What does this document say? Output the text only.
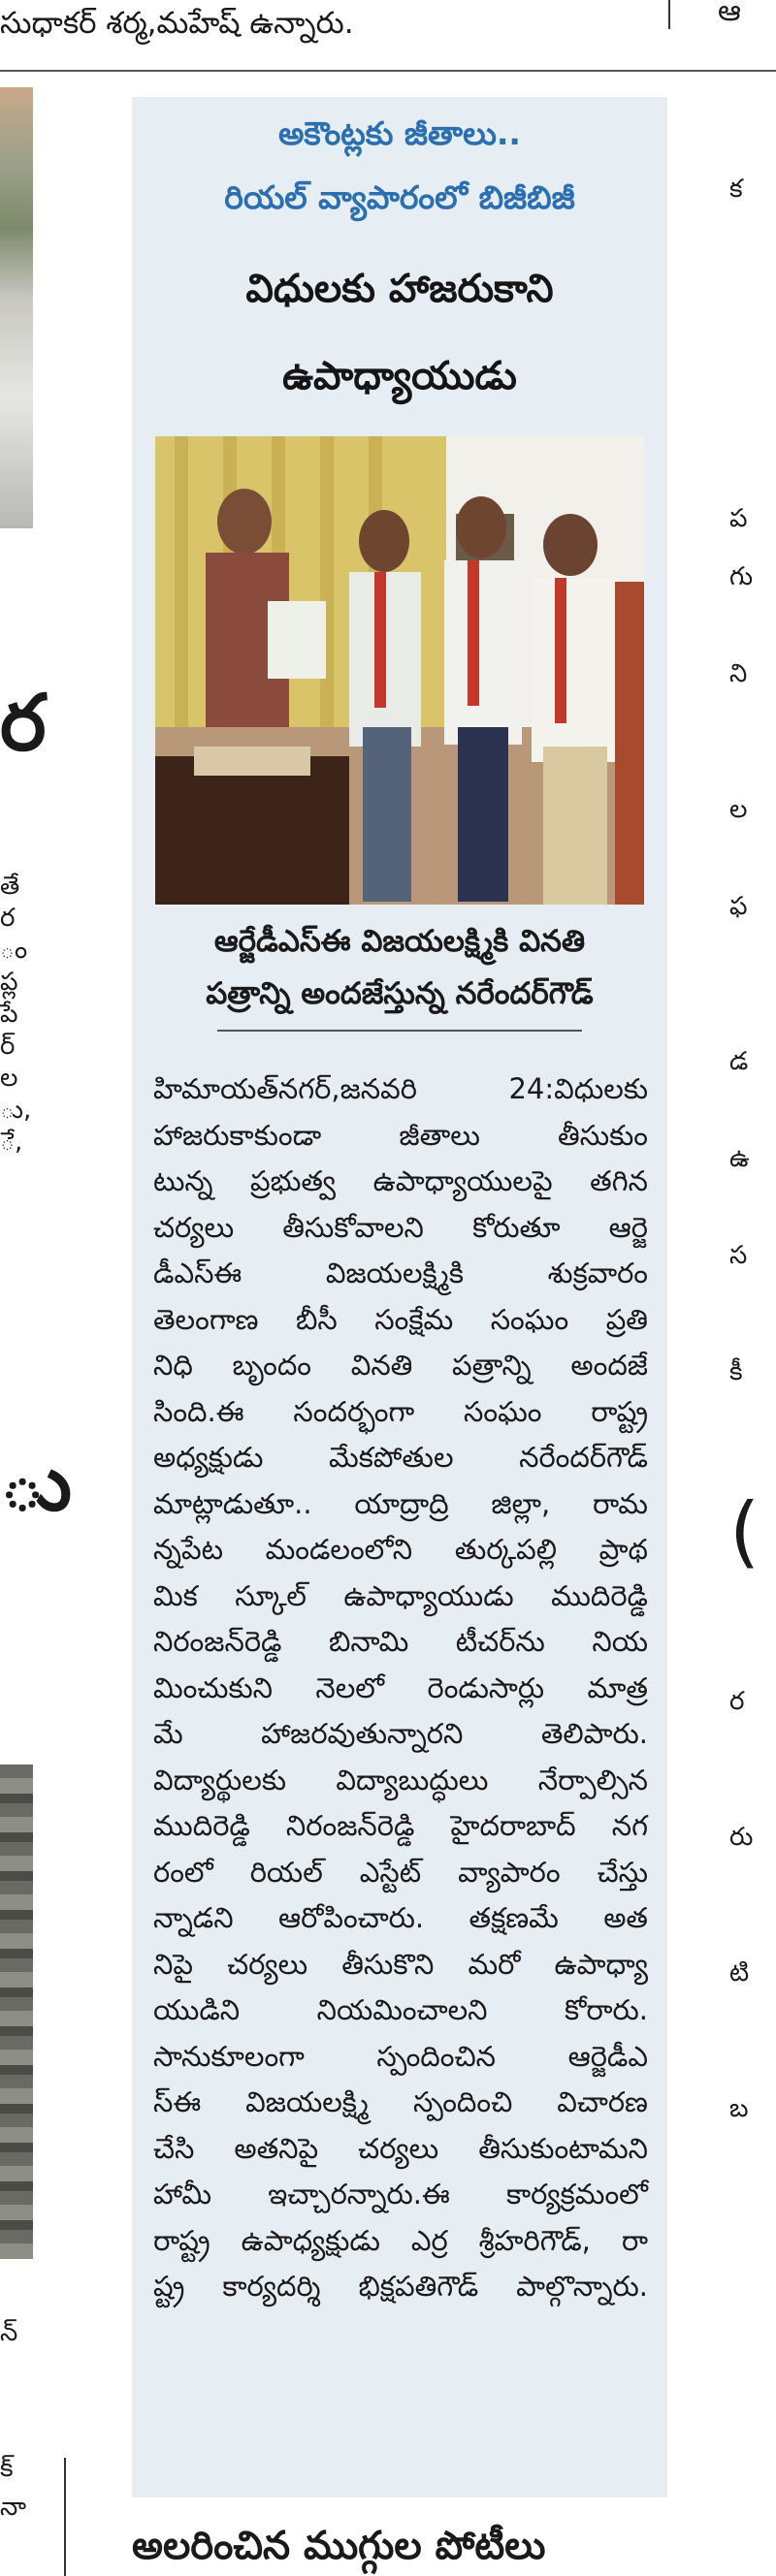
సుధాకర్ శర్మ,మహేష్ ఉన్నారు.	ఆ
ర
తే
ర
ం
ప్ల
పే
ర్
ల
ు,
ే,
ు
న్
క్
నా
క
ప
గు
ని
ల
ఫ
డ
ఉ
స
కీ
(
ర
రు
టి
బ
అకౌంట్లకు జీతాలు..
రియల్ వ్యాపారంలో బిజీబిజీ
విధులకు హాజరుకాని
ఉపాధ్యాయుడు
ఆర్జేడీఎస్ఈ విజయలక్ష్మికి వినతి
పత్రాన్ని అందజేస్తున్న నరేందర్‌గౌడ్
హిమాయత్‌నగర్,జనవరి 24:విధులకు
హాజరుకాకుండా జీతాలు తీసుకుం
టున్న ప్రభుత్వ ఉపాధ్యాయులపై తగిన
చర్యలు తీసుకోవాలని కోరుతూ ఆర్జె
డీఎస్ఈ విజయలక్ష్మికి శుక్రవారం
తెలంగాణ బీసీ సంక్షేమ సంఘం ప్రతి
నిధి బృందం వినతి పత్రాన్ని అందజే
సింది.ఈ సందర్భంగా సంఘం రాష్ట్ర
అధ్యక్షుడు మేకపోతుల నరేందర్‌గౌడ్
మాట్లాడుతూ.. యాద్రాద్రి జిల్లా, రామ
న్నపేట మండలంలోని తుర్కపల్లి ప్రాథ
మిక స్కూల్ ఉపాధ్యాయుడు ముదిరెడ్డి
నిరంజన్‌రెడ్డి బినామి టీచర్‌ను నియ
మించుకుని నెలలో రెండుసార్లు మాత్ర
మే హాజరవుతున్నారని తెలిపారు.
విద్యార్థులకు విద్యాబుద్ధులు నేర్పాల్సిన
ముదిరెడ్డి నిరంజన్‌రెడ్డి హైదరాబాద్ నగ
రంలో రియల్ ఎస్టేట్ వ్యాపారం చేస్తు
న్నాడని ఆరోపించారు. తక్షణమే అత
నిపై చర్యలు తీసుకొని మరో ఉపాధ్యా
యుడిని నియమించాలని కోరారు.
సానుకూలంగా స్పందించిన ఆర్జెడీఎ
స్ఈ విజయలక్ష్మి స్పందించి విచారణ
చేసి అతనిపై చర్యలు తీసుకుంటామని
హామీ ఇచ్చారన్నారు.ఈ కార్యక్రమంలో
రాష్ట్ర ఉపాధ్యక్షుడు ఎర్ర శ్రీహరిగౌడ్, రా
ష్ట్ర కార్యదర్శి భిక్షపతిగౌడ్ పాల్గొన్నారు.
అలరించిన ముగ్గుల పోటీలు
